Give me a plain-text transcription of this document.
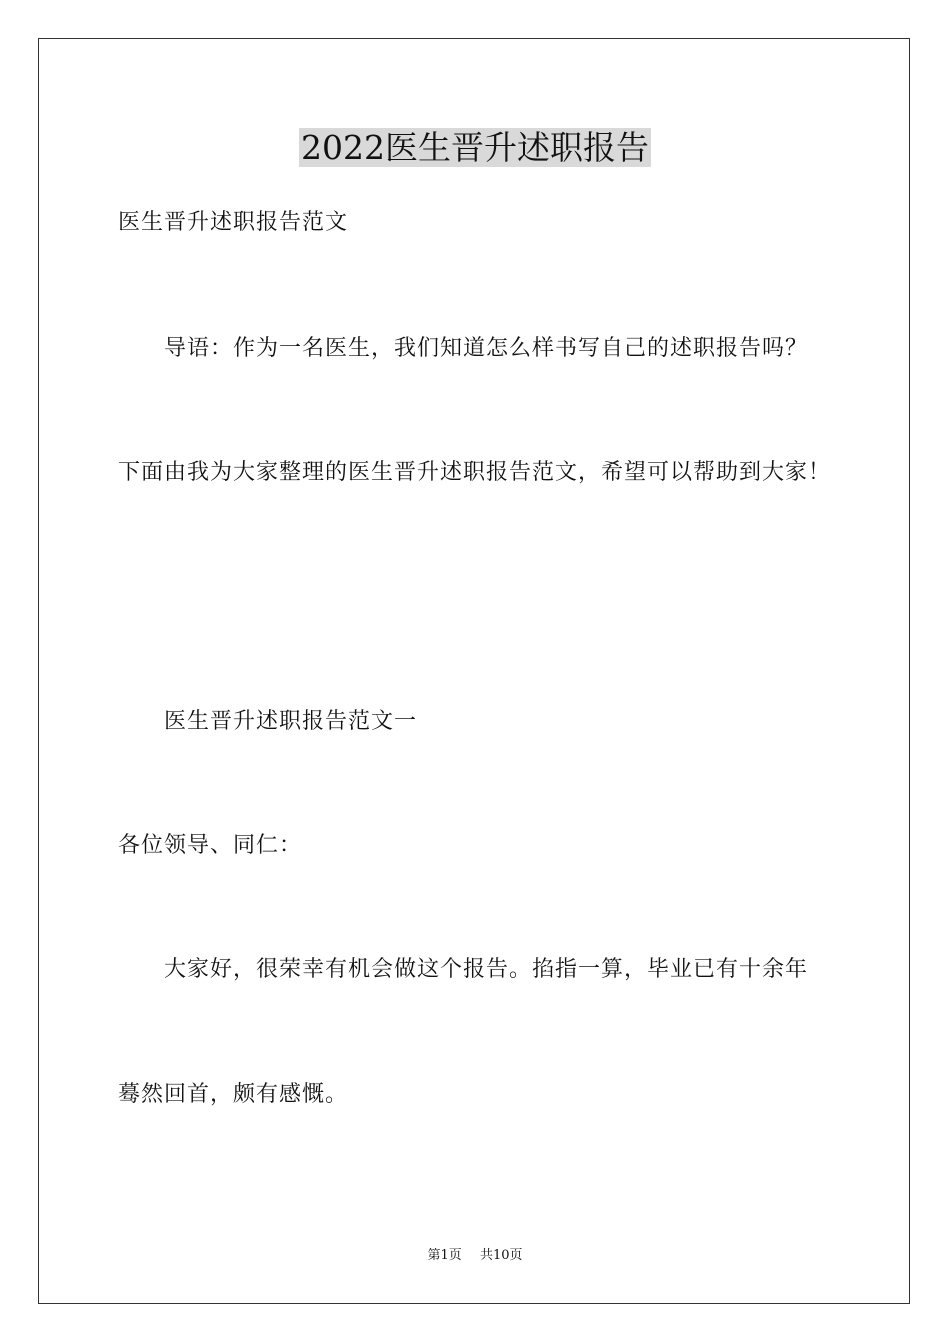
2022医生晋升述职报告
医生晋升述职报告范文
导语：作为一名医生，我们知道怎么样书写自己的述职报告吗？
下面由我为大家整理的医生晋升述职报告范文，希望可以帮助到大家！
医生晋升述职报告范文一
各位领导、同仁：
大家好，很荣幸有机会做这个报告。掐指一算，毕业已有十余年
蓦然回首，颇有感慨。
第1页 共10页
